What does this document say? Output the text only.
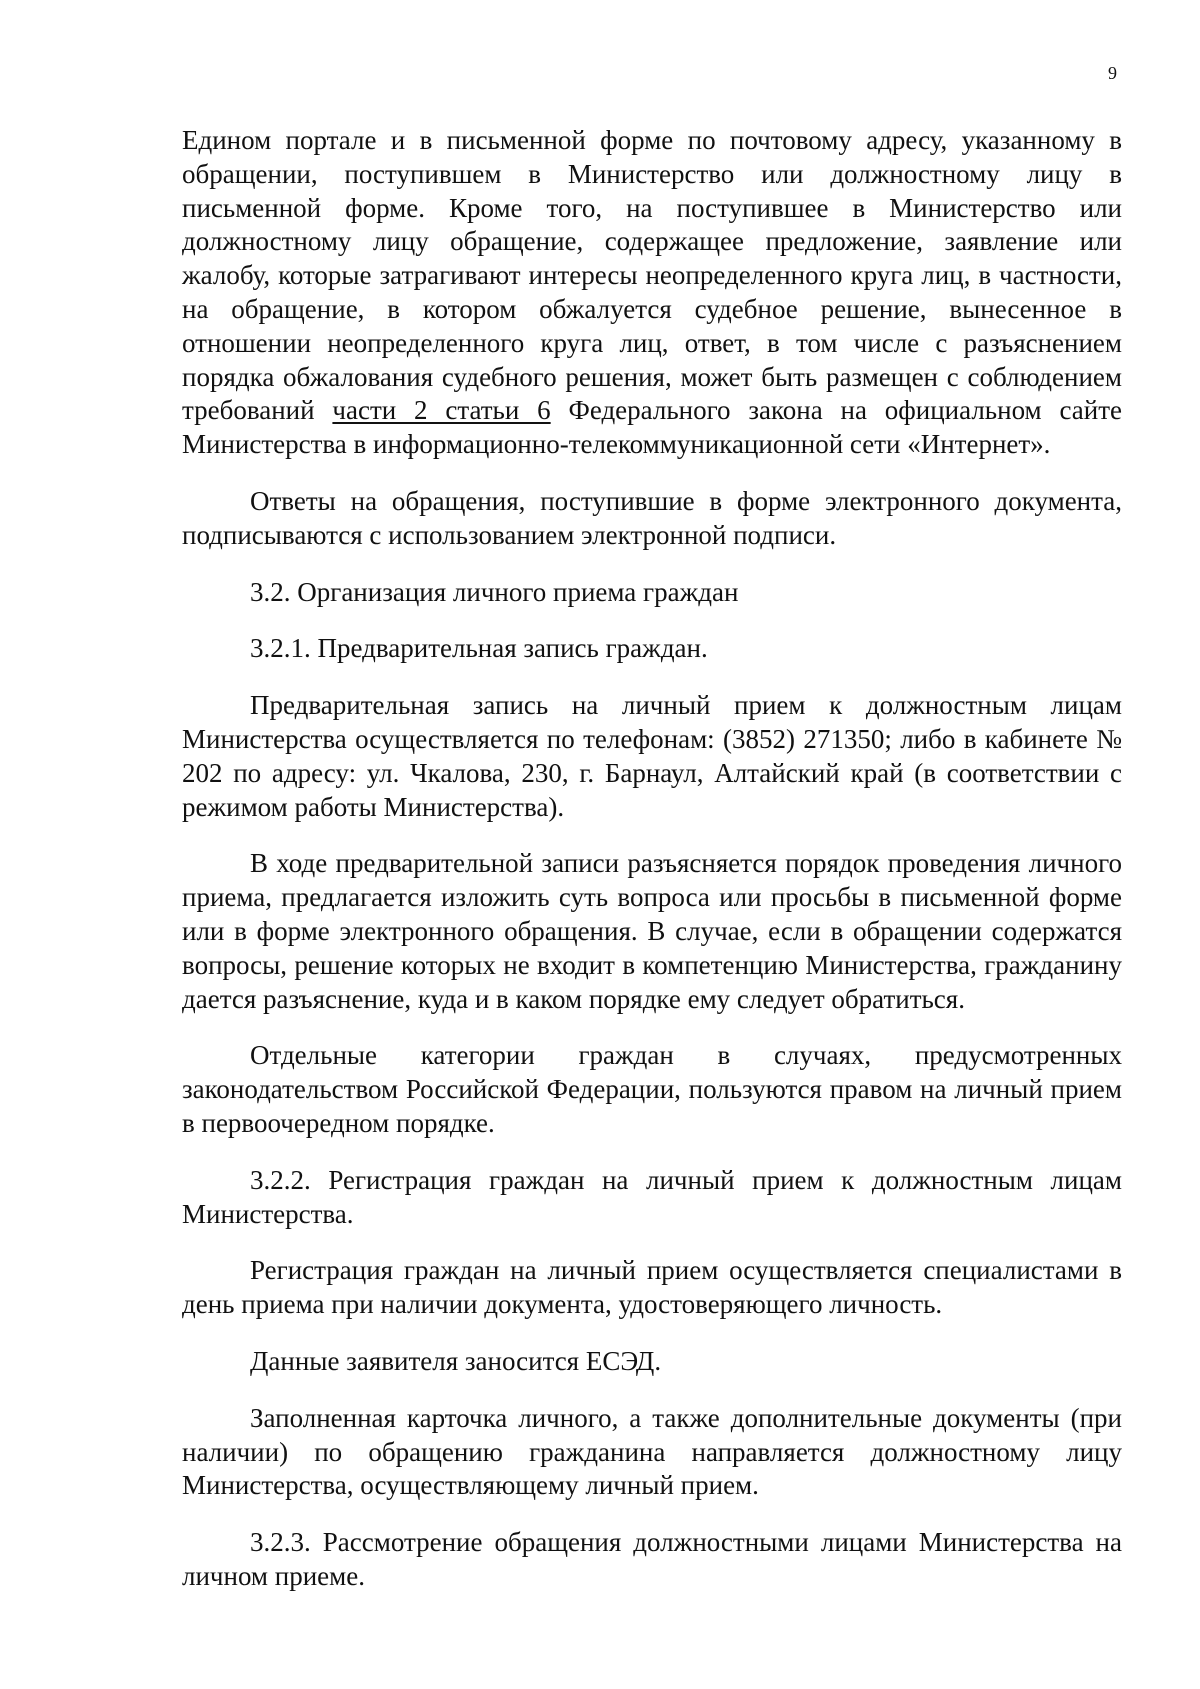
9

Едином портале и в письменной форме по почтовому адресу, указанному в обращении, поступившем в Министерство или должностному лицу в письменной форме. Кроме того, на поступившее в Министерство или должностному лицу обращение, содержащее предложение, заявление или жалобу, которые затрагивают интересы неопределенного круга лиц, в частности, на обращение, в котором обжалуется судебное решение, вынесенное в отношении неопределенного круга лиц, ответ, в том числе с разъяснением порядка обжалования судебного решения, может быть размещен с соблюдением требований части 2 статьи 6 Федерального закона на официальном сайте Министерства в информационно-телекоммуникационной сети «Интернет».

Ответы на обращения, поступившие в форме электронного документа, подписываются с использованием электронной подписи.

3.2. Организация личного приема граждан

3.2.1. Предварительная запись граждан.

Предварительная запись на личный прием к должностным лицам Министерства осуществляется по телефонам: (3852) 271350; либо в кабинете № 202 по адресу: ул. Чкалова, 230, г. Барнаул, Алтайский край (в соответствии с режимом работы Министерства).

В ходе предварительной записи разъясняется порядок проведения личного приема, предлагается изложить суть вопроса или просьбы в письменной форме или в форме электронного обращения. В случае, если в обращении содержатся вопросы, решение которых не входит в компетенцию Министерства, гражданину дается разъяснение, куда и в каком порядке ему следует обратиться.

Отдельные категории граждан в случаях, предусмотренных законодательством Российской Федерации, пользуются правом на личный прием в первоочередном порядке.

3.2.2. Регистрация граждан на личный прием к должностным лицам Министерства.

Регистрация граждан на личный прием осуществляется специалистами в день приема при наличии документа, удостоверяющего личность.

Данные заявителя заносится ЕСЭД.

Заполненная карточка личного, а также дополнительные документы (при наличии) по обращению гражданина направляется должностному лицу Министерства, осуществляющему личный прием.

3.2.3. Рассмотрение обращения должностными лицами Министерства на личном приеме.
